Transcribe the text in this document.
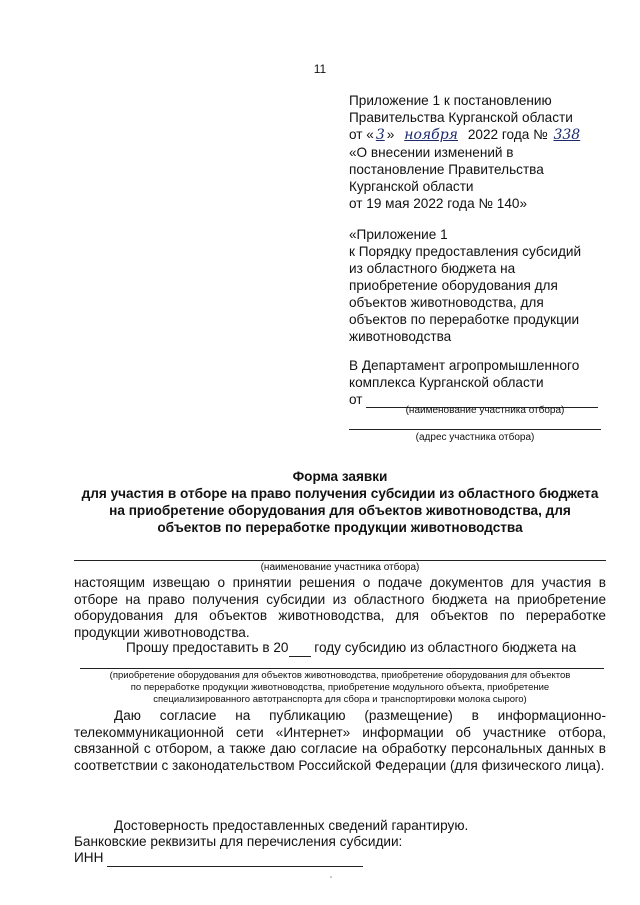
11
Приложение 1 к постановлению
Правительства Курганской области
от « 3 » ноября 2022 года № 338
«О внесении изменений в
постановление Правительства
Курганской области
от 19 мая 2022 года № 140»
«Приложение 1
к Порядку предоставления субсидий
из областного бюджета на
приобретение оборудования для
объектов животноводства, для
объектов по переработке продукции
животноводства
В Департамент агропромышленного
комплекса Курганской области
от
(наименование участника отбора)
(адрес участника отбора)
Форма заявки
для участия в отборе на право получения субсидии из областного бюджета
на приобретение оборудования для объектов животноводства, для
объектов по переработке продукции животноводства
(наименование участника отбора)
настоящим извещаю о принятии решения о подаче документов для участия в отборе на право получения субсидии из областного бюджета на приобретение оборудования для объектов животноводства, для объектов по переработке продукции животноводства.
Прошу предоставить в 20 году субсидию из областного бюджета на
(приобретение оборудования для объектов животноводства, приобретение оборудования для объектов
по переработке продукции животноводства, приобретение модульного объекта, приобретение
специализированного автотранспорта для сбора и транспортировки молока сырого)
Даю согласие на публикацию (размещение) в информационно-телекоммуникационной сети «Интернет» информации об участнике отбора, связанной с отбором, а также даю согласие на обработку персональных данных в соответствии с законодательством Российской Федерации (для физического лица).
Достоверность предоставленных сведений гарантирую.
Банковские реквизиты для перечисления субсидии:
ИНН
